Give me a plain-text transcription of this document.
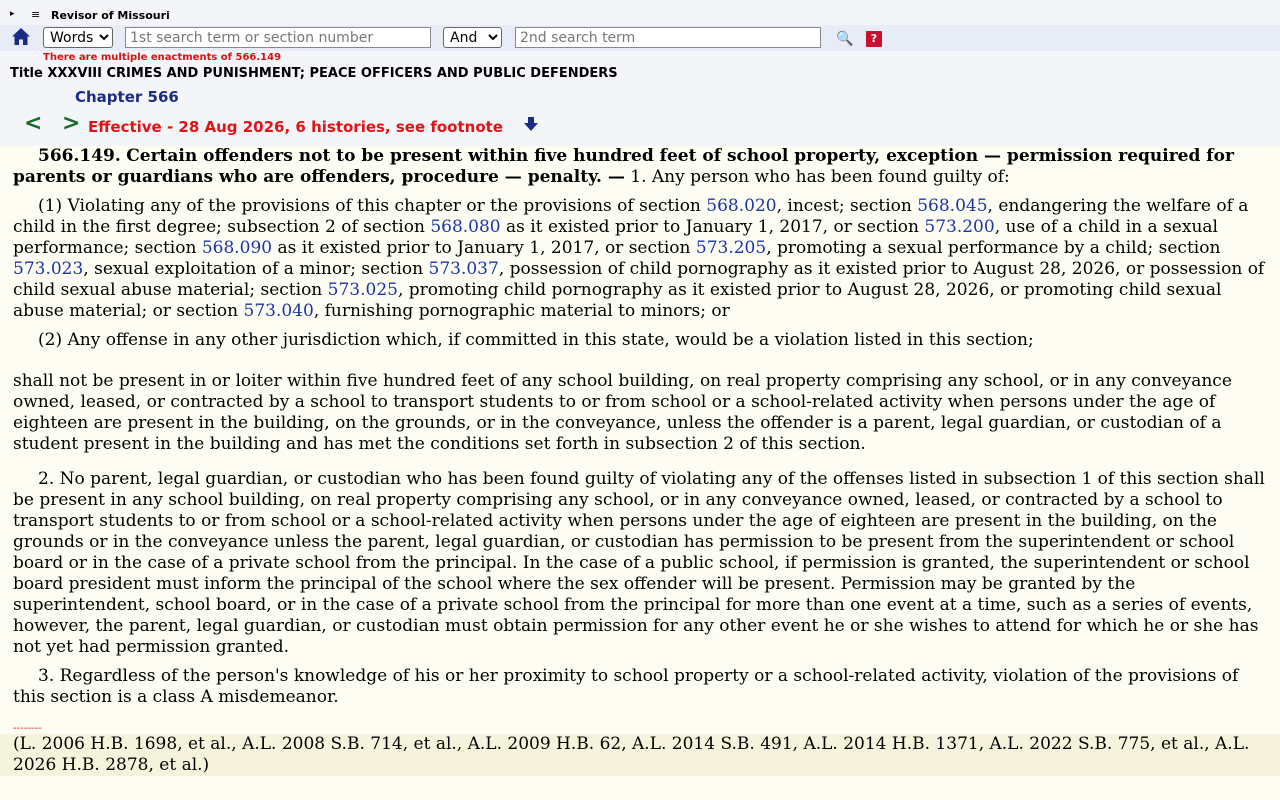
▸ ≡ Revisor of Missouri
Words
1st search term or section number
And
2nd search term
🔍	?
There are multiple enactments of 566.149
Title XXXVIII CRIMES AND PUNISHMENT; PEACE OFFICERS AND PUBLIC DEFENDERS
Chapter 566
< > Effective - 28 Aug 2026, 6 histories, see footnote

566.149. Certain offenders not to be present within five hundred feet of school property, exception — permission required for parents or guardians who are offenders, procedure — penalty. — 1. Any person who has been found guilty of:

(1) Violating any of the provisions of this chapter or the provisions of section 568.020, incest; section 568.045, endangering the welfare of a child in the first degree; subsection 2 of section 568.080 as it existed prior to January 1, 2017, or section 573.200, use of a child in a sexual performance; section 568.090 as it existed prior to January 1, 2017, or section 573.205, promoting a sexual performance by a child; section 573.023, sexual exploitation of a minor; section 573.037, possession of child pornography as it existed prior to August 28, 2026, or possession of child sexual abuse material; section 573.025, promoting child pornography as it existed prior to August 28, 2026, or promoting child sexual abuse material; or section 573.040, furnishing pornographic material to minors; or

(2) Any offense in any other jurisdiction which, if committed in this state, would be a violation listed in this section;

shall not be present in or loiter within five hundred feet of any school building, on real property comprising any school, or in any conveyance owned, leased, or contracted by a school to transport students to or from school or a school-related activity when persons under the age of eighteen are present in the building, on the grounds, or in the conveyance, unless the offender is a parent, legal guardian, or custodian of a student present in the building and has met the conditions set forth in subsection 2 of this section.

2. No parent, legal guardian, or custodian who has been found guilty of violating any of the offenses listed in subsection 1 of this section shall be present in any school building, on real property comprising any school, or in any conveyance owned, leased, or contracted by a school to transport students to or from school or a school-related activity when persons under the age of eighteen are present in the building, on the grounds or in the conveyance unless the parent, legal guardian, or custodian has permission to be present from the superintendent or school board or in the case of a private school from the principal. In the case of a public school, if permission is granted, the superintendent or school board president must inform the principal of the school where the sex offender will be present. Permission may be granted by the superintendent, school board, or in the case of a private school from the principal for more than one event at a time, such as a series of events, however, the parent, legal guardian, or custodian must obtain permission for any other event he or she wishes to attend for which he or she has not yet had permission granted.

3. Regardless of the person's knowledge of his or her proximity to school property or a school-related activity, violation of the provisions of this section is a class A misdemeanor.

--------

(L. 2006 H.B. 1698, et al., A.L. 2008 S.B. 714, et al., A.L. 2009 H.B. 62, A.L. 2014 S.B. 491, A.L. 2014 H.B. 1371, A.L. 2022 S.B. 775, et al., A.L. 2026 H.B. 2878, et al.)
